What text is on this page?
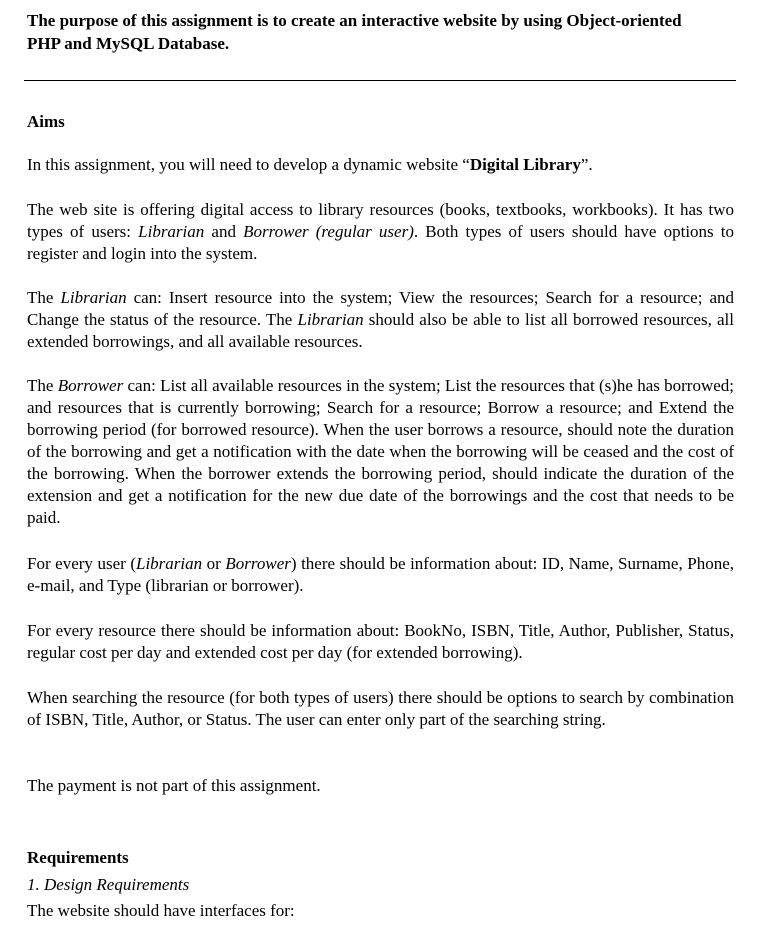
The purpose of this assignment is to create an interactive website by using Object-oriented PHP and MySQL Database.
Aims
In this assignment, you will need to develop a dynamic website “Digital Library”.
The web site is offering digital access to library resources (books, textbooks, workbooks). It has two types of users: Librarian and Borrower (regular user). Both types of users should have options to register and login into the system.
The Librarian can: Insert resource into the system; View the resources; Search for a resource; and Change the status of the resource. The Librarian should also be able to list all borrowed resources, all extended borrowings, and all available resources.
The Borrower can: List all available resources in the system; List the resources that (s)he has borrowed; and resources that is currently borrowing; Search for a resource; Borrow a resource; and Extend the borrowing period (for borrowed resource). When the user borrows a resource, should note the duration of the borrowing and get a notification with the date when the borrowing will be ceased and the cost of the borrowing. When the borrower extends the borrowing period, should indicate the duration of the extension and get a notification for the new due date of the borrowings and the cost that needs to be paid.
For every user (Librarian or Borrower) there should be information about: ID, Name, Surname, Phone, e-mail, and Type (librarian or borrower).
For every resource there should be information about: BookNo, ISBN, Title, Author, Publisher, Status, regular cost per day and extended cost per day (for extended borrowing).
When searching the resource (for both types of users) there should be options to search by combination of ISBN, Title, Author, or Status. The user can enter only part of the searching string.
The payment is not part of this assignment.
Requirements
1. Design Requirements
The website should have interfaces for:
